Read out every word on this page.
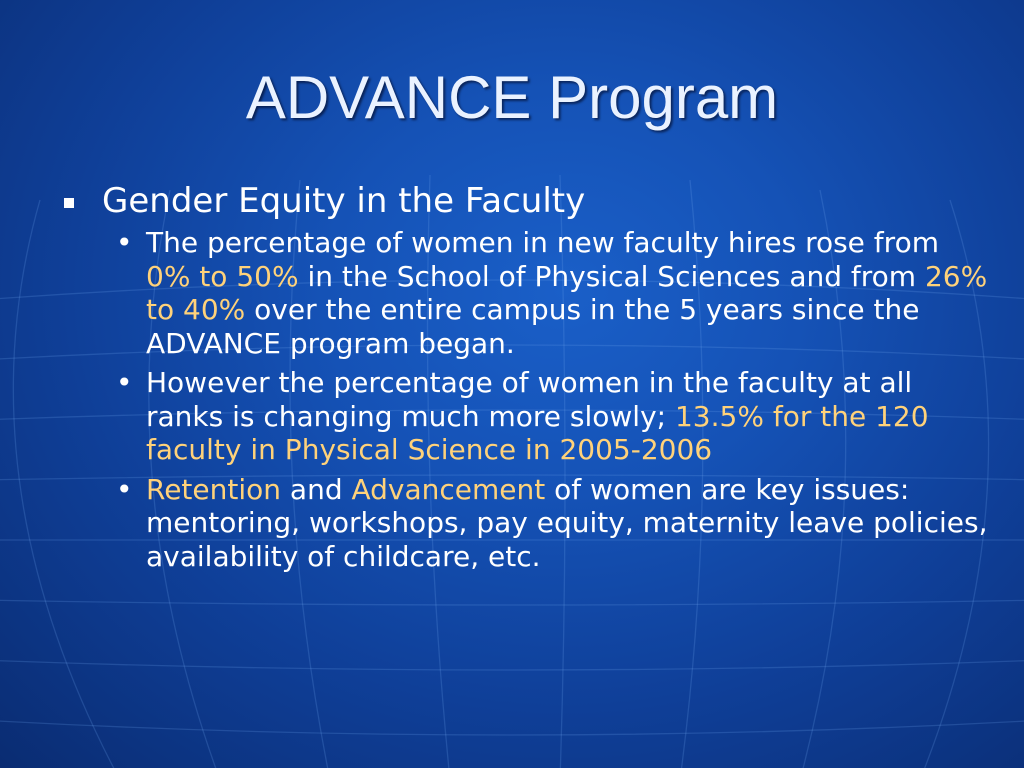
ADVANCE Program
Gender Equity in the Faculty
• The percentage of women in new faculty hires rose from 0% to 50% in the School of Physical Sciences and from 26% to 40% over the entire campus in the 5 years since the ADVANCE program began.
• However the percentage of women in the faculty at all ranks is changing much more slowly; 13.5% for the 120 faculty in Physical Science in 2005-2006
• Retention and Advancement of women are key issues: mentoring, workshops, pay equity, maternity leave policies, availability of childcare, etc.
